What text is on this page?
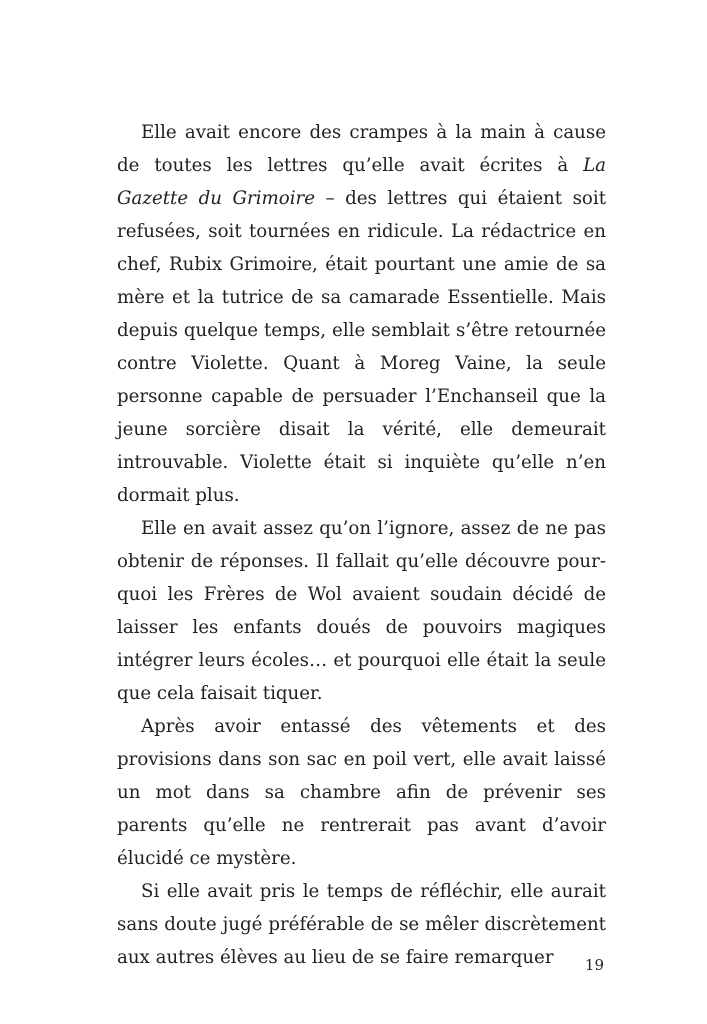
Elle avait encore des crampes à la main à cause de toutes les lettres qu’elle avait écrites à La Gazette du Grimoire – des lettres qui étaient soit refusées, soit tournées en ridicule. La rédactrice en chef, Rubix Grimoire, était pourtant une amie de sa mère et la tutrice de sa camarade Essentielle. Mais depuis quelque temps, elle semblait s’être retournée contre Violette. Quant à Moreg Vaine, la seule personne capable de persuader l’Enchanseil que la jeune sorcière disait la vérité, elle demeurait introuvable. Violette était si inquiète qu’elle n’en dormait plus.

Elle en avait assez qu’on l’ignore, assez de ne pas obtenir de réponses. Il fallait qu’elle découvre pourquoi les Frères de Wol avaient soudain décidé de laisser les enfants doués de pouvoirs magiques intégrer leurs écoles… et pourquoi elle était la seule que cela faisait tiquer.

Après avoir entassé des vêtements et des provisions dans son sac en poil vert, elle avait laissé un mot dans sa chambre afin de prévenir ses parents qu’elle ne rentrerait pas avant d’avoir élucidé ce mystère.

Si elle avait pris le temps de réfléchir, elle aurait sans doute jugé préférable de se mêler discrètement aux autres élèves au lieu de se faire remarquer	19
